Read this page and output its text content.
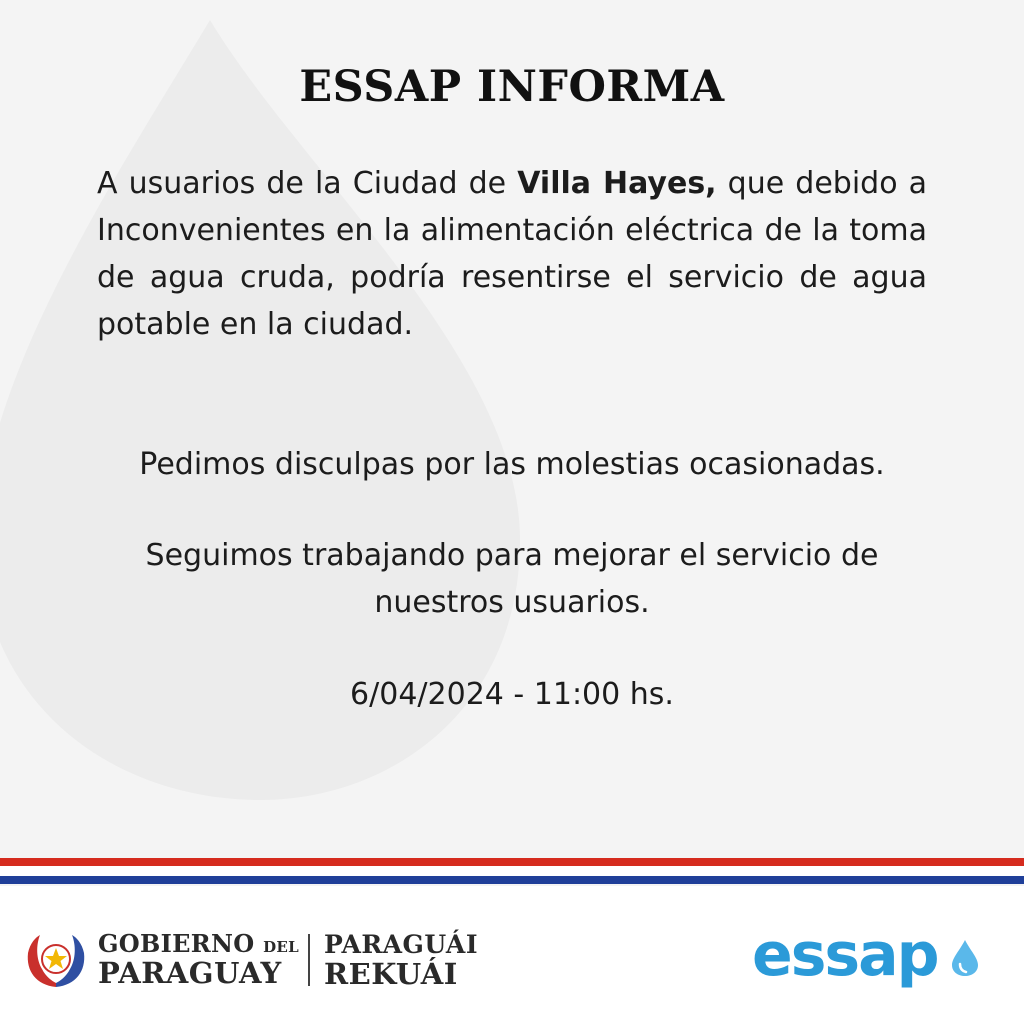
ESSAP INFORMA
A usuarios de la Ciudad de Villa Hayes, que debido a Inconvenientes en la alimentación eléctrica de la toma de agua cruda, podría resentirse el servicio de agua potable en la ciudad.
Pedimos disculpas por las molestias ocasionadas.
Seguimos trabajando para mejorar el servicio de
nuestros usuarios.
6/04/2024 - 11:00 hs.
GOBIERNO DEL
PARAGUAY
PARAGUÁI
REKUÁI	essap
